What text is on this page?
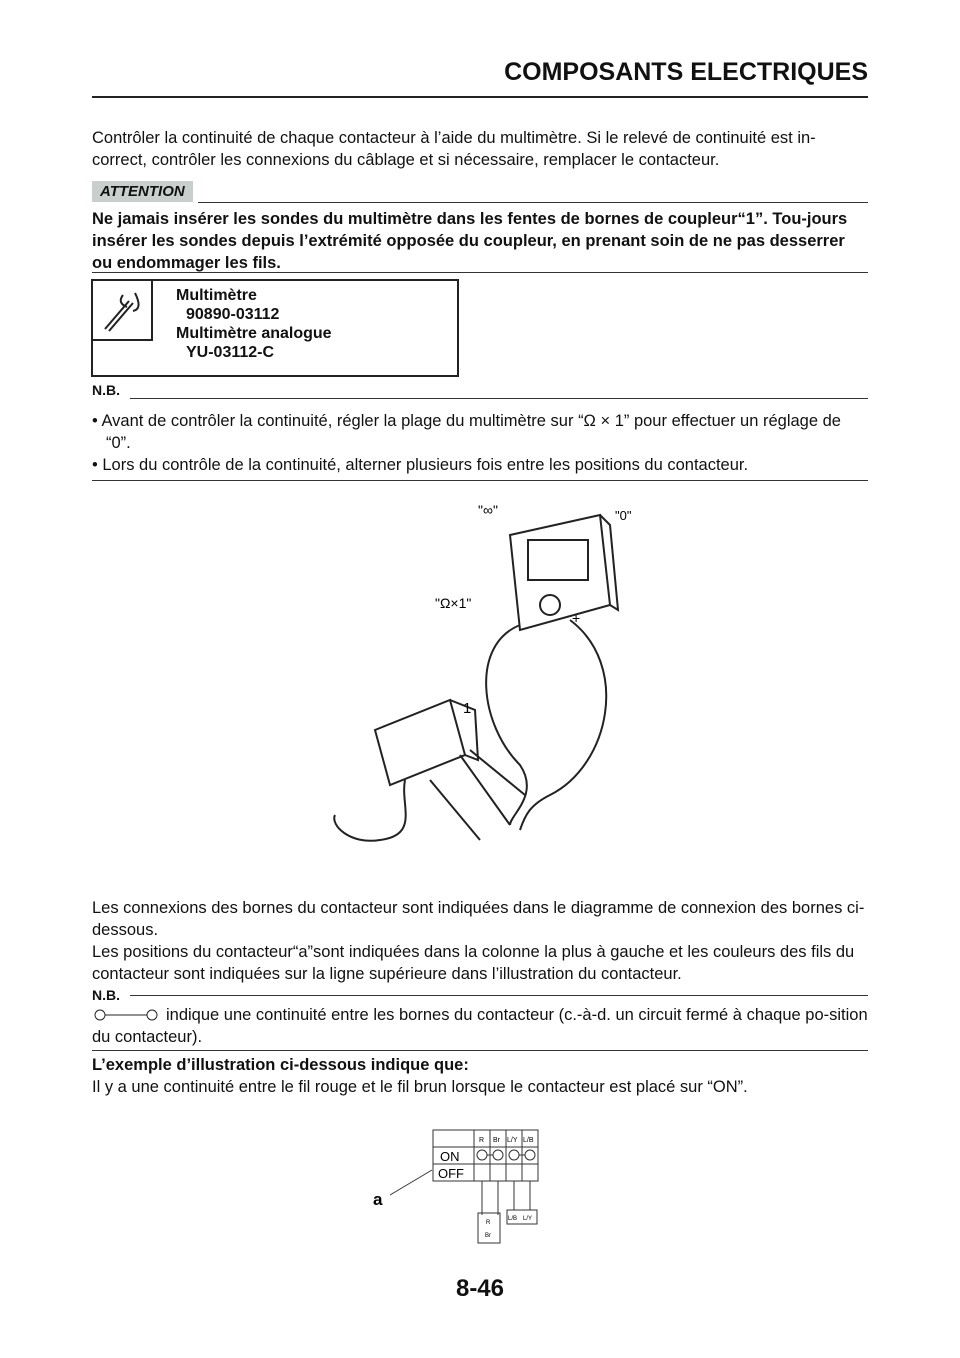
COMPOSANTS ELECTRIQUES
Contrôler la continuité de chaque contacteur à l’aide du multimètre. Si le relevé de continuité est in-correct, contrôler les connexions du câblage et si nécessaire, remplacer le contacteur.
ATTENTION
Ne jamais insérer les sondes du multimètre dans les fentes de bornes de coupleur“1”. Tou-jours insérer les sondes depuis l’extrémité opposée du coupleur, en prenant soin de ne pas desserrer ou endommager les fils.
Multimètre
90890-03112
Multimètre analogue
YU-03112-C
N.B.
• Avant de contrôler la continuité, régler la plage du multimètre sur “Ω × 1” pour effectuer un réglage de “0”.
• Lors du contrôle de la continuité, alterner plusieurs fois entre les positions du contacteur.
"∞"	"0"
"Ω×1"
1
+
Les connexions des bornes du contacteur sont indiquées dans le diagramme de connexion des bornes ci-dessous.
Les positions du contacteur“a”sont indiquées dans la colonne la plus à gauche et les couleurs des fils du contacteur sont indiquées sur la ligne supérieure dans l’illustration du contacteur.
N.B.
indique une continuité entre les bornes du contacteur (c.-à-d. un circuit fermé à chaque po-sition du contacteur).
L’exemple d’illustration ci-dessous indique que:
Il y a une continuité entre le fil rouge et le fil brun lorsque le contacteur est placé sur “ON”.
R Br L/Y L/B
ON
OFF
a
R
Br
L/B L/Y
8-46
